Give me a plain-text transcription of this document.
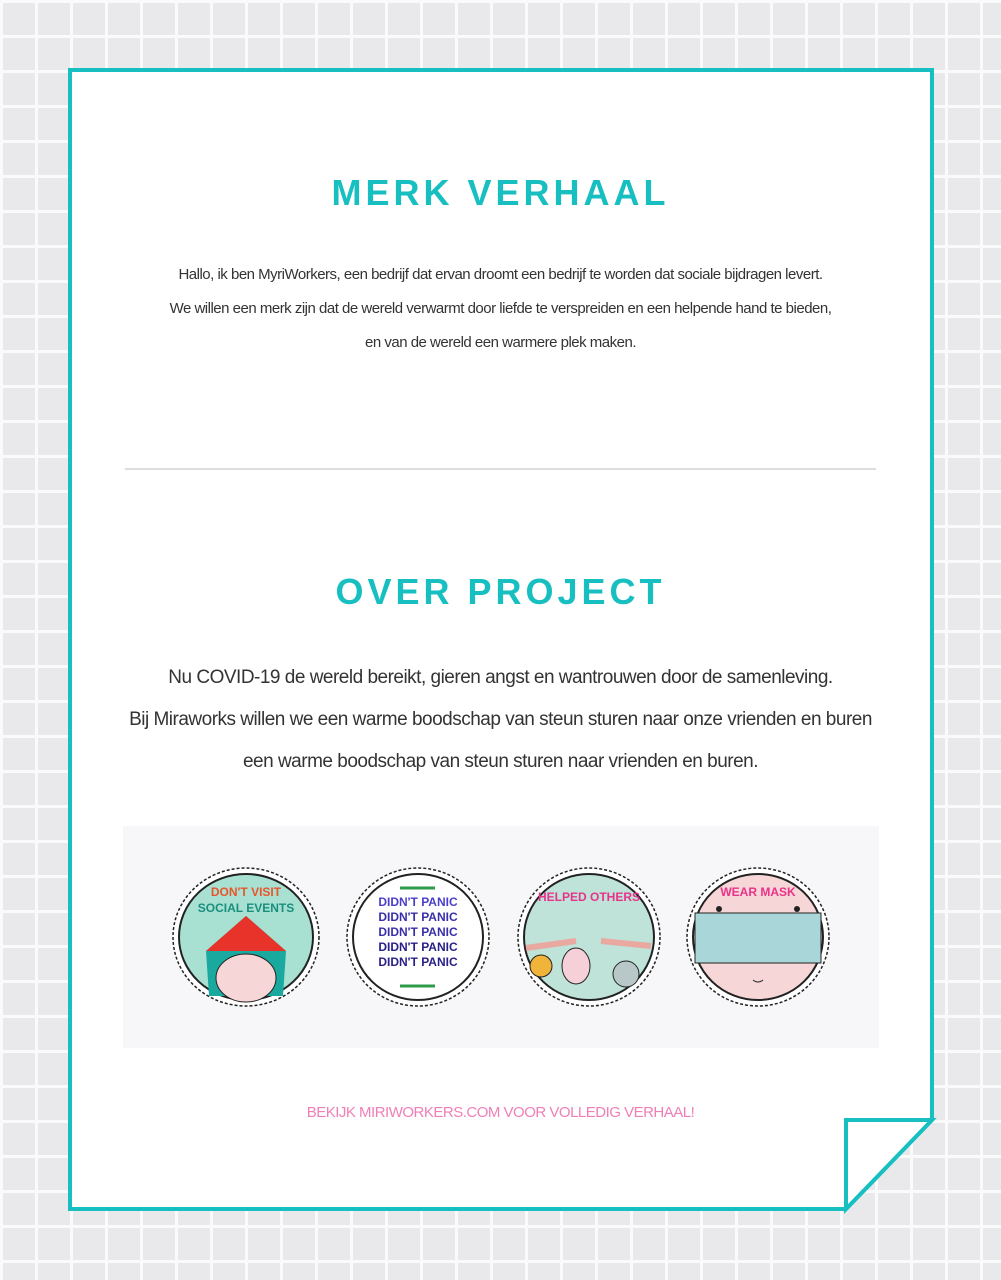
MERK VERHAAL
Hallo, ik ben MyriWorkers, een bedrijf dat ervan droomt een bedrijf te worden dat sociale bijdragen levert.
We willen een merk zijn dat de wereld verwarmt door liefde te verspreiden en een helpende hand te bieden,
en van de wereld een warmere plek maken.
OVER PROJECT
Nu COVID-19 de wereld bereikt, gieren angst en wantrouwen door de samenleving.
Bij Miraworks willen we een warme boodschap van steun sturen naar onze vrienden en buren
een warme boodschap van steun sturen naar vrienden en buren.
DON'T VISIT
SOCIAL EVENTS	DIDN'T PANIC
DIDN'T PANIC
DIDN'T PANIC
DIDN'T PANIC
DIDN'T PANIC
HELPED OTHERS	WEAR MASK
BEKIJK MIRIWORKERS.COM VOOR VOLLEDIG VERHAAL!
